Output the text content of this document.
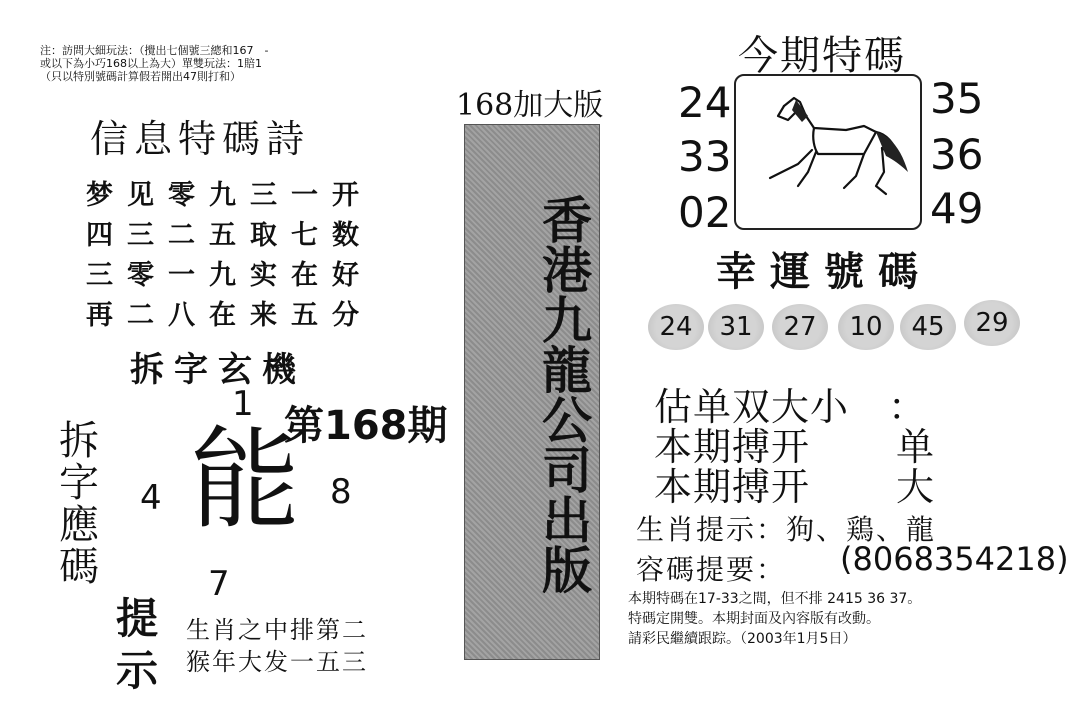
注：訪問大細玩法：（攪出七個號三總和167　-
或以下為小巧168以上為大）單雙玩法：1賠1
（只以特別號碼計算假若開出47則打和）
信息特碼詩
梦见零九三一开
四三二五取七数
三零一九实在好
再二八在来五分
拆字玄機
拆
字
應
碼
1
4	8
7
能
第168期
提
示
生肖之中排第二
猴年大发一五三
168加大版
香港九龍公司出版
今期特碼
24
33
02
35
36
49
幸運號碼
24	31	27	10	45	29
估单双大小 ：
本期搏开 单
本期搏开 大
生肖提示：狗、鶏、龍
容碼提要： (8068354218)
本期特碼在17-33之間，但不排 2415 36 37。
特碼定開雙。本期封面及內容版有改動。
請彩民繼續跟踪。（2003年1月5日）
